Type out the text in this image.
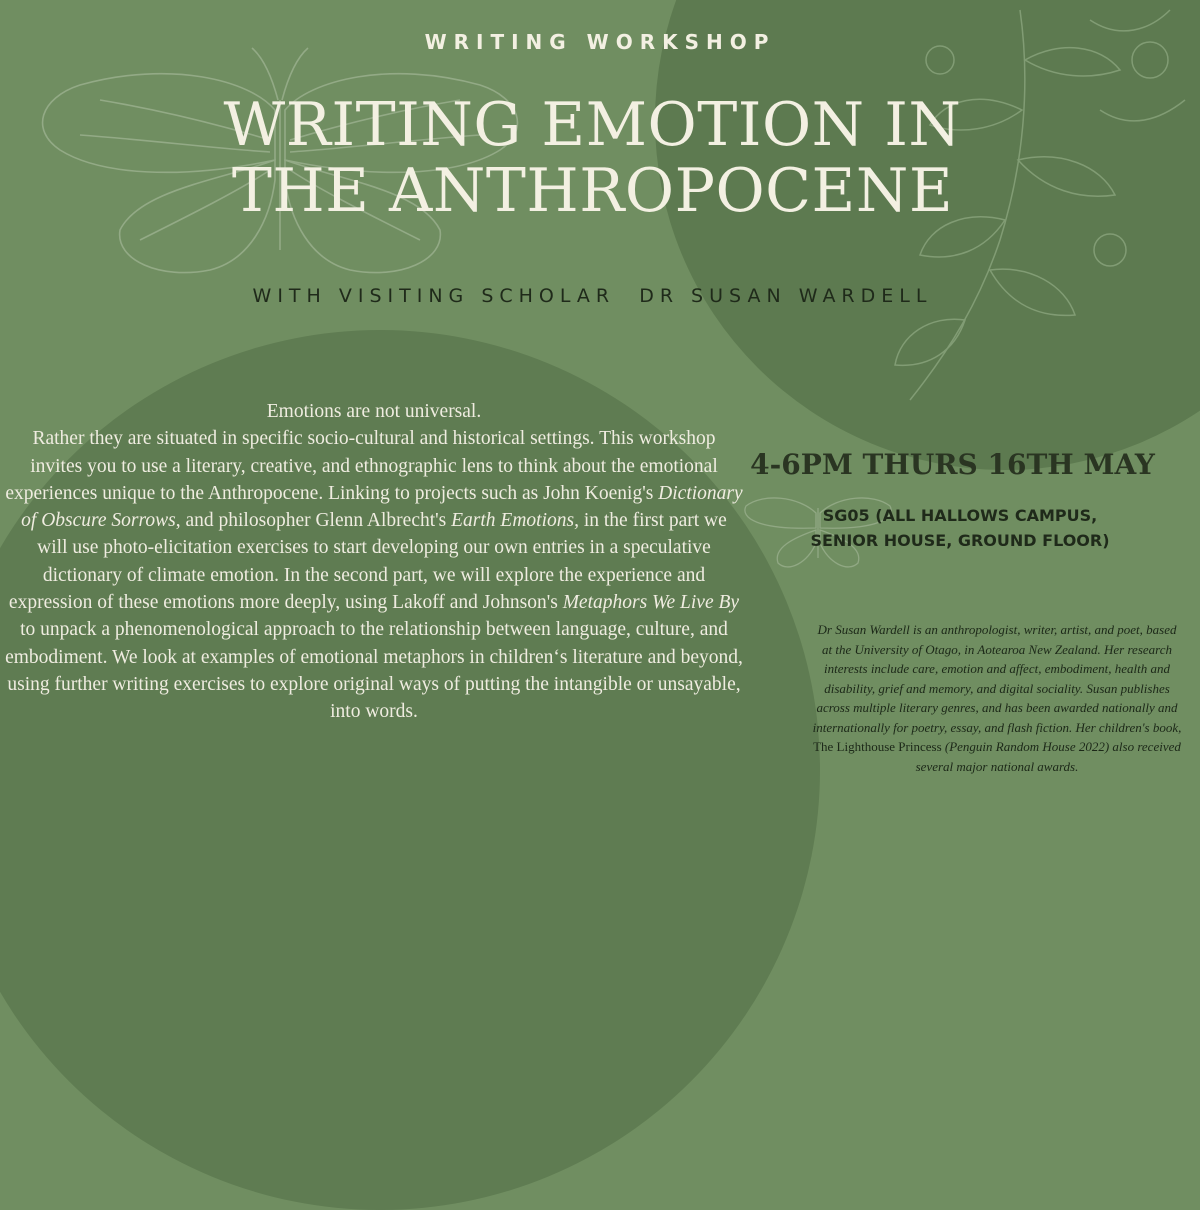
WRITING WORKSHOP
WRITING EMOTION IN
THE ANTHROPOCENE
WITH VISITING SCHOLAR  DR SUSAN WARDELL

Emotions are not universal.

Rather they are situated in specific socio-cultural and historical settings. This workshop invites you to use a literary, creative, and ethnographic lens to think about the emotional experiences unique to the Anthropocene. Linking to projects such as John Koenig's Dictionary of Obscure Sorrows, and philosopher Glenn Albrecht's Earth Emotions, in the first part we will use photo-elicitation exercises to start developing our own entries in a speculative dictionary of climate emotion. In the second part, we will explore the experience and expression of these emotions more deeply, using Lakoff and Johnson's Metaphors We Live By to unpack a phenomenological approach to the relationship between language, culture, and embodiment. We look at examples of emotional metaphors in children‘s literature and beyond, using further writing exercises to explore original ways of putting the intangible or unsayable, into words.

4-6PM THURS 16TH MAY
SG05 (ALL HALLOWS CAMPUS,
SENIOR HOUSE, GROUND FLOOR)
Dr Susan Wardell is an anthropologist, writer, artist, and poet, based at the University of Otago, in Aotearoa New Zealand. Her research interests include care, emotion and affect, embodiment, health and disability, grief and memory, and digital sociality. Susan publishes across multiple literary genres, and has been awarded nationally and internationally for poetry, essay, and flash fiction. Her children's book, The Lighthouse Princess (Penguin Random House 2022) also received several major national awards.
